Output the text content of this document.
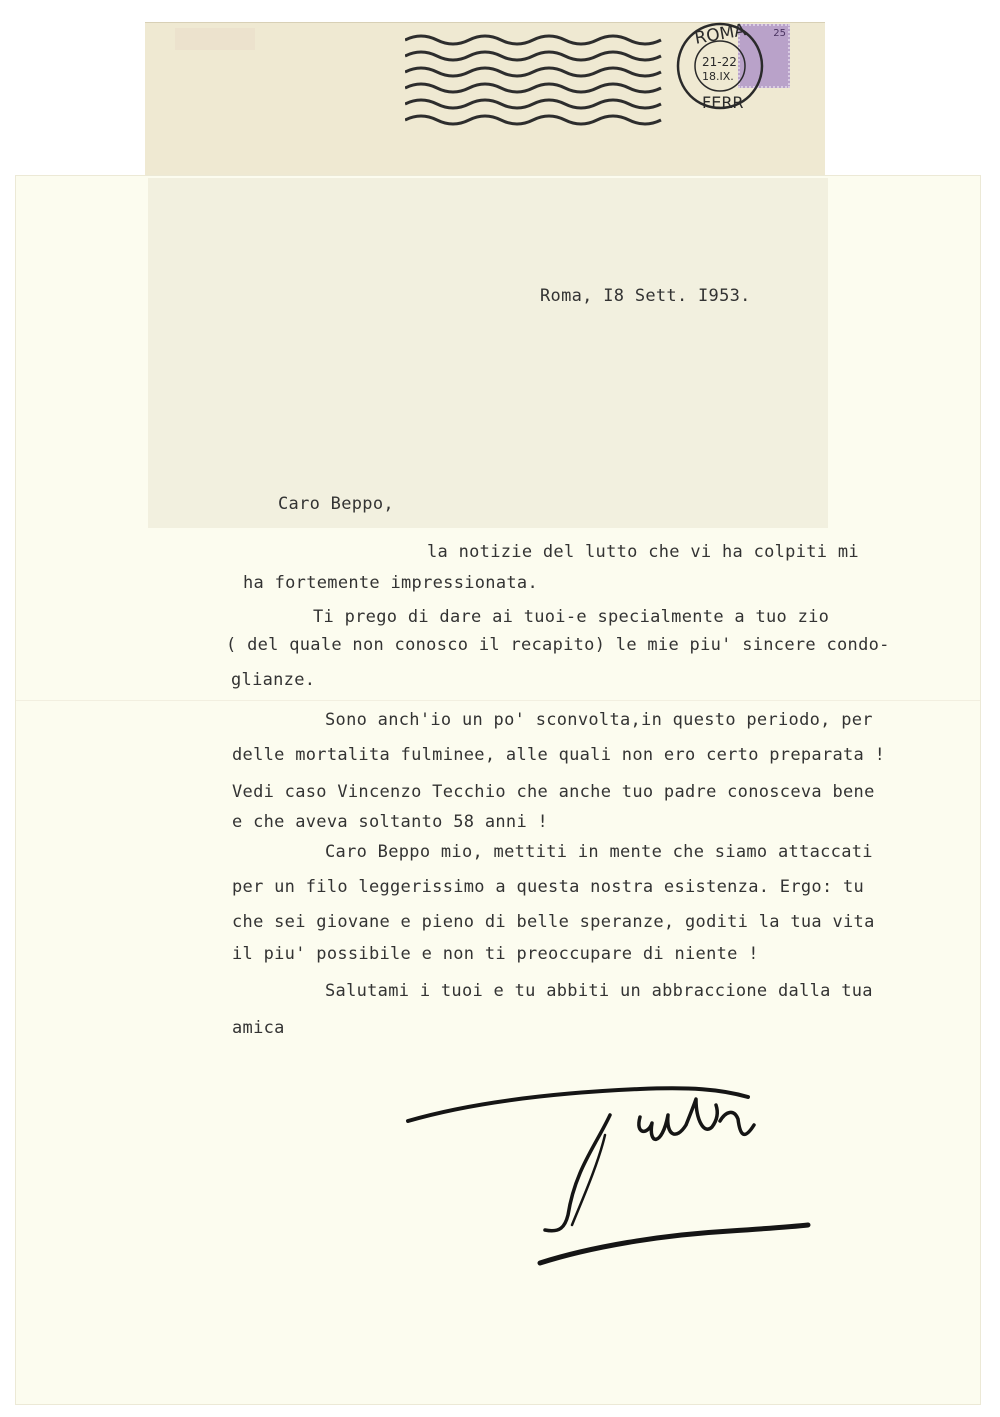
25
ROMA
21-22
18.IX.
FERR
Roma, I8 Sett. I953.
Caro Beppo,
la notizie del lutto che vi ha colpiti mi
ha fortemente impressionata.
Ti prego di dare ai tuoi-e specialmente a tuo zio
( del quale non conosco il recapito) le mie piu' sincere condo-
glianze.
Sono anch'io un po' sconvolta,in questo periodo, per
delle mortalita fulminee, alle quali non ero certo preparata !
Vedi caso Vincenzo Tecchio che anche tuo padre conosceva bene
e che aveva soltanto 58 anni !
Caro Beppo mio, mettiti in mente che siamo attaccati
per un filo leggerissimo a questa nostra esistenza. Ergo: tu
che sei giovane e pieno di belle speranze, goditi la tua vita
il piu' possibile e non ti preoccupare di niente !
Salutami i tuoi e tu abbiti un abbraccione dalla tua
amica
